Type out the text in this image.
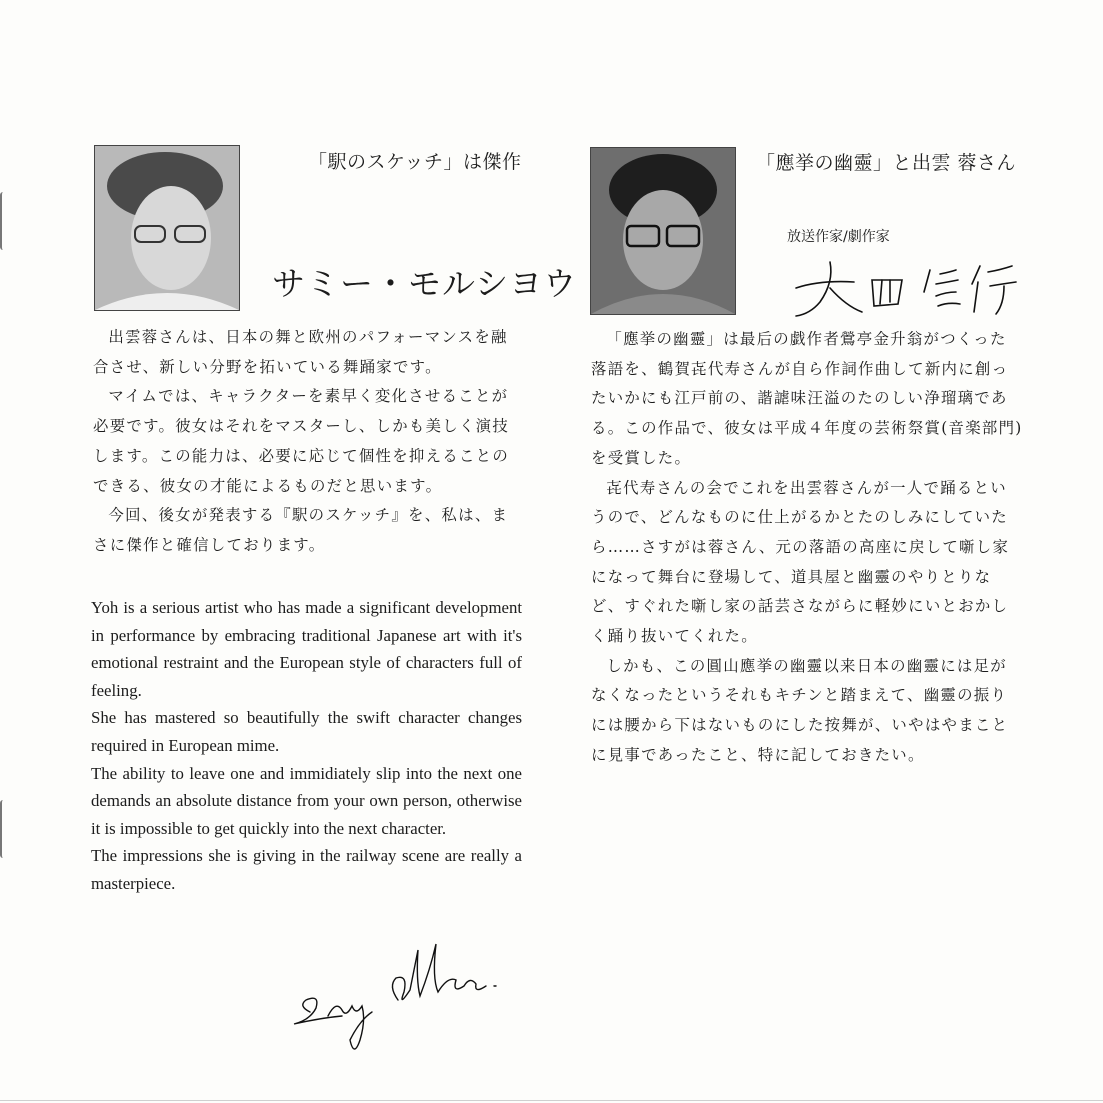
「駅のスケッチ」は傑作
サミー・モルシヨウ

出雲蓉さんは、日本の舞と欧州のパフォーマンスを融合させ、新しい分野を拓いている舞踊家です。

マイムでは、キャラクターを素早く変化させることが必要です。彼女はそれをマスターし、しかも美しく演技します。この能力は、必要に応じて個性を抑えることのできる、彼女の才能によるものだと思います。

今回、後女が発表する『駅のスケッチ』を、私は、まさに傑作と確信しております。

Yoh is a serious artist who has made a significant development in performance by embracing traditional Japanese art with it's emotional restraint and the European style of characters full of feeling.

She has mastered so beautifully the swift character changes required in European mime.

The ability to leave one and immidiately slip into the next one demands an absolute distance from your own person, otherwise it is impossible to get quickly into the next character.

The impressions she is giving in the railway scene are really a masterpiece.

「應挙の幽靈」と出雲 蓉さん
放送作家/劇作家

「應挙の幽靈」は最后の戯作者鶯亭金升翁がつくった落語を、鶴賀㐂代寿さんが自ら作詞作曲して新内に創ったいかにも江戸前の、諧謔味汪溢のたのしい浄瑠璃である。この作品で、彼女は平成４年度の芸術祭賞(音楽部門)を受賞した。

㐂代寿さんの会でこれを出雲蓉さんが一人で踊るというので、どんなものに仕上がるかとたのしみにしていたら……さすがは蓉さん、元の落語の高座に戻して噺し家になって舞台に登場して、道具屋と幽靈のやりとりなど、すぐれた噺し家の話芸さながらに軽妙にいとおかしく踊り抜いてくれた。

しかも、この圓山應挙の幽靈以来日本の幽靈には足がなくなったというそれもキチンと踏まえて、幽靈の振りには腰から下はないものにした按舞が、いやはやまことに見事であったこと、特に記しておきたい。
